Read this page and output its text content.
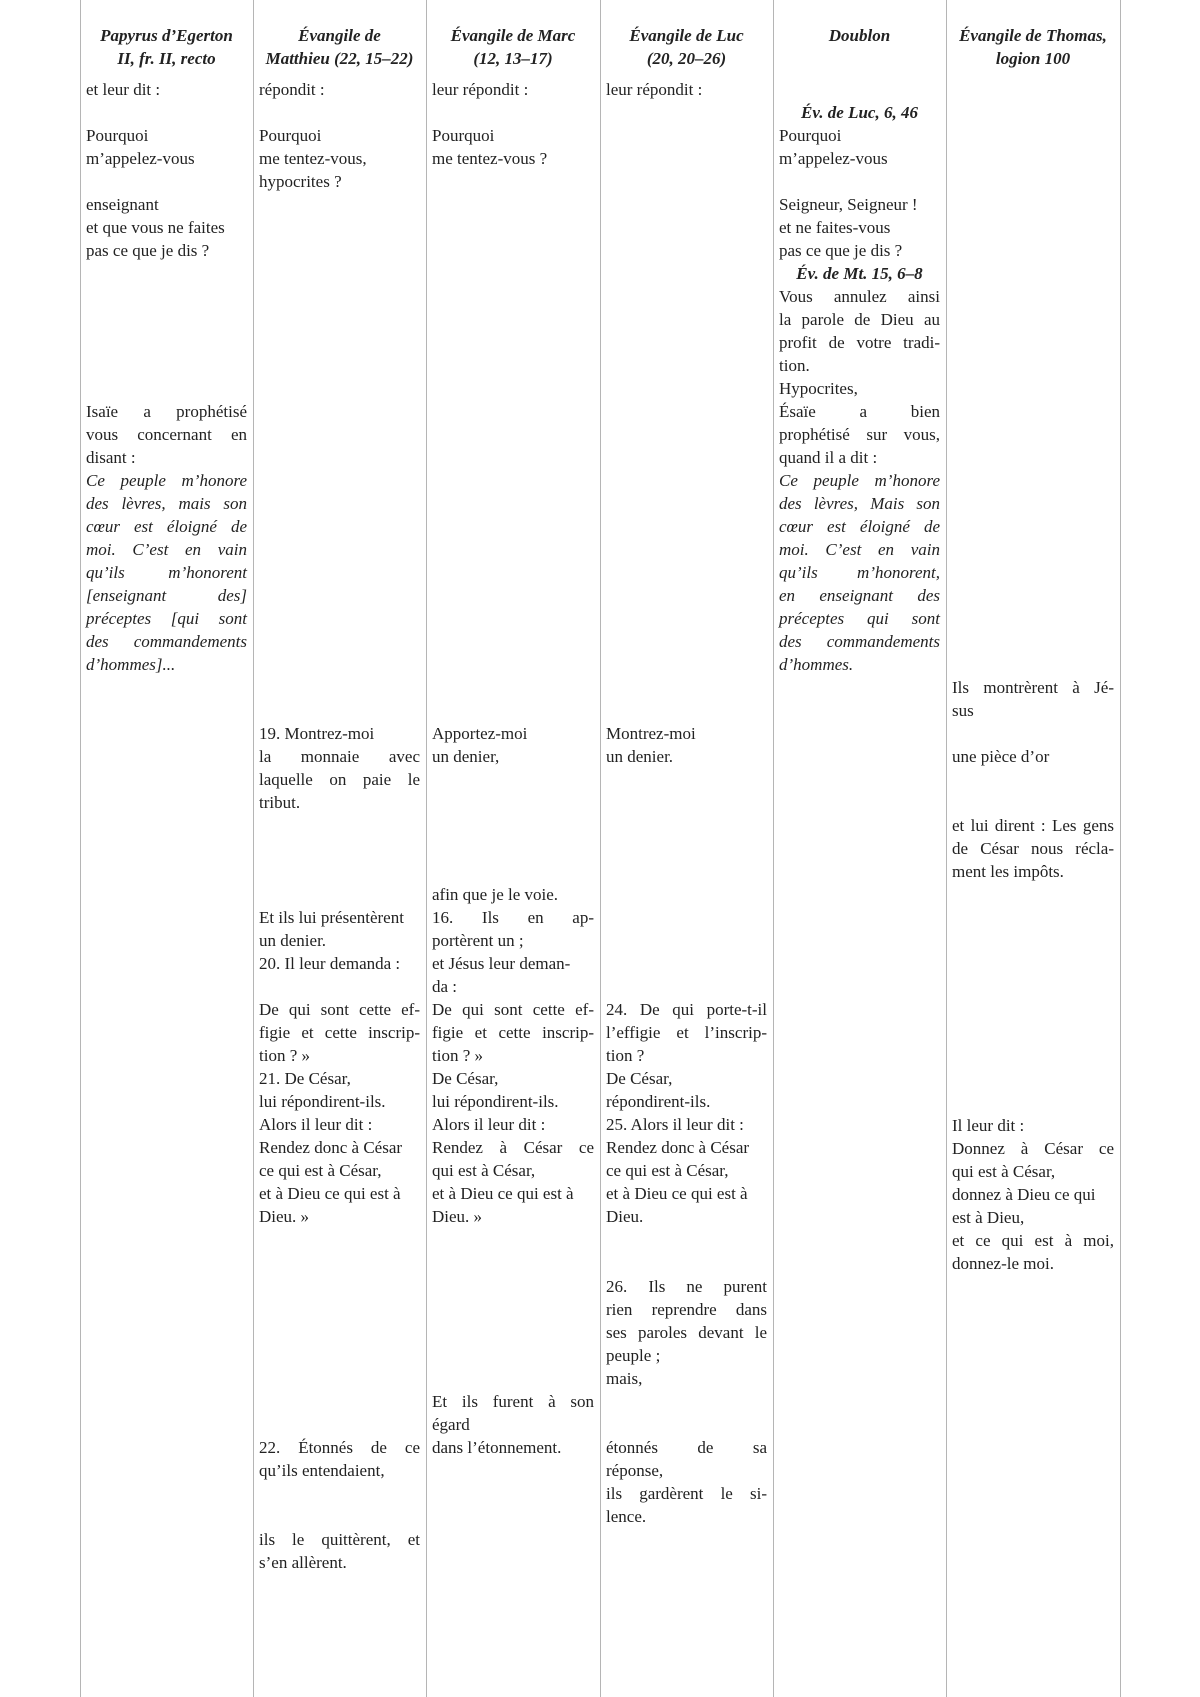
Papyrus d’Egerton
II, fr. II, recto
et leur dit :

Pourquoi
m’appelez-vous

enseignant
et que vous ne faites
pas ce que je dis ?
Isaïe a prophétisé
vous concernant en
disant :
Ce peuple m’honore
des lèvres, mais son
cœur est éloigné de
moi. C’est en vain
qu’ils m’honorent
[enseignant des]
préceptes [qui sont
des commandements
d’hommes]...
Évangile de
Matthieu (22, 15–22)
répondit :

Pourquoi
me tentez-vous,
hypocrites ?
19. Montrez-moi
la monnaie avec
laquelle on paie le
tribut.
Et ils lui présentèrent
un denier.
20. Il leur demanda :

De qui sont cette ef-
figie et cette inscrip-
tion ? »
21. De César,
lui répondirent-ils.
Alors il leur dit :
Rendez donc à César
ce qui est à César,
et à Dieu ce qui est à
Dieu. »
22. Étonnés de ce
qu’ils entendaient,
ils le quittèrent, et
s’en allèrent.
Évangile de Marc
(12, 13–17)
leur répondit :

Pourquoi
me tentez-vous ?
Apportez-moi
un denier,
afin que je le voie.
16. Ils en ap-
portèrent un ;
et Jésus leur deman-
da :
De qui sont cette ef-
figie et cette inscrip-
tion ? »
De César,
lui répondirent-ils.
Alors il leur dit :
Rendez à César ce
qui est à César,
et à Dieu ce qui est à
Dieu. »
Et ils furent à son
égard
dans l’étonnement.
Évangile de Luc
(20, 20–26)
leur répondit :
Montrez-moi
un denier.
24. De qui porte-t-il
l’effigie et l’inscrip-
tion ?
De César,
répondirent-ils.
25. Alors il leur dit :
Rendez donc à César
ce qui est à César,
et à Dieu ce qui est à
Dieu.
26. Ils ne purent
rien reprendre dans
ses paroles devant le
peuple ;
mais,
étonnés de sa
réponse,
ils gardèrent le si-
lence.
Doublon
Év. de Luc, 6, 46
Pourquoi
m’appelez-vous

Seigneur, Seigneur !
et ne faites-vous
pas ce que je dis ?
Év. de Mt. 15, 6–8
Vous annulez ainsi
la parole de Dieu au
profit de votre tradi-
tion.
Hypocrites,
Ésaïe a bien
prophétisé sur vous,
quand il a dit :
Ce peuple m’honore
des lèvres, Mais son
cœur est éloigné de
moi. C’est en vain
qu’ils m’honorent,
en enseignant des
préceptes qui sont
des commandements
d’hommes.
Évangile de Thomas,
logion 100
Ils montrèrent à Jé-
sus

une pièce d’or
et lui dirent : Les gens
de César nous récla-
ment les impôts.
Il leur dit :
Donnez à César ce
qui est à César,
donnez à Dieu ce qui
est à Dieu,
et ce qui est à moi,
donnez-le moi.
